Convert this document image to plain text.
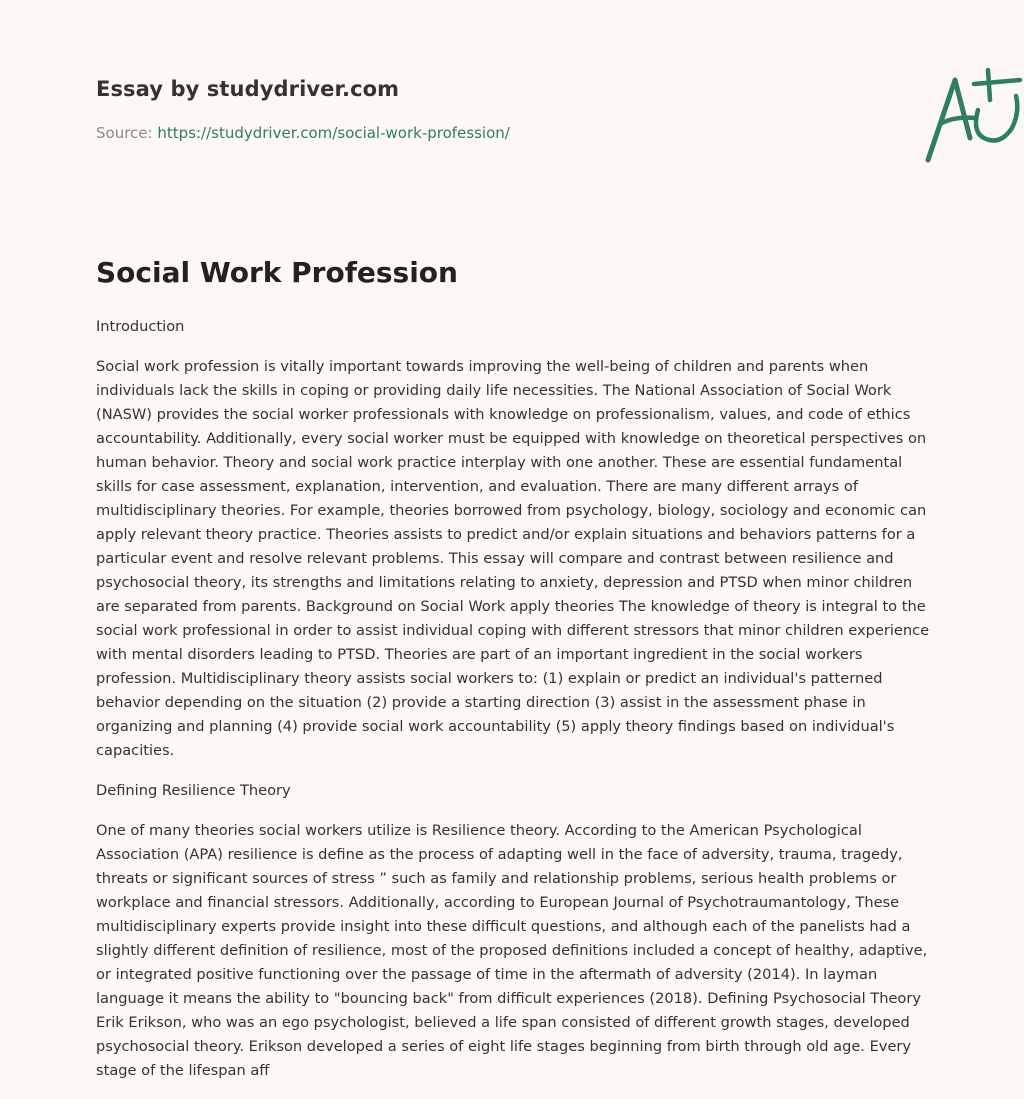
Essay by studydriver.com
Source: https://studydriver.com/social-work-profession/
Social Work Profession

Introduction

Social work profession is vitally important towards improving the well-being of children and parents when individuals lack the skills in coping or providing daily life necessities. The National Association of Social Work (NASW) provides the social worker professionals with knowledge on professionalism, values, and code of ethics accountability. Additionally, every social worker must be equipped with knowledge on theoretical perspectives on human behavior. Theory and social work practice interplay with one another. These are essential fundamental skills for case assessment, explanation, intervention, and evaluation. There are many different arrays of multidisciplinary theories. For example, theories borrowed from psychology, biology, sociology and economic can apply relevant theory practice. Theories assists to predict and/or explain situations and behaviors patterns for a particular event and resolve relevant problems. This essay will compare and contrast between resilience and psychosocial theory, its strengths and limitations relating to anxiety, depression and PTSD when minor children are separated from parents. Background on Social Work apply theories The knowledge of theory is integral to the social work professional in order to assist individual coping with different stressors that minor children experience with mental disorders leading to PTSD. Theories are part of an important ingredient in the social workers profession. Multidisciplinary theory assists social workers to: (1) explain or predict an individual's patterned behavior depending on the situation (2) provide a starting direction (3) assist in the assessment phase in organizing and planning (4) provide social work accountability (5) apply theory findings based on individual's capacities.

Defining Resilience Theory

One of many theories social workers utilize is Resilience theory. According to the American Psychological Association (APA) resilience is define as the process of adapting well in the face of adversity, trauma, tragedy, threats or significant sources of stress ” such as family and relationship problems, serious health problems or workplace and financial stressors. Additionally, according to European Journal of Psychotraumantology, These multidisciplinary experts provide insight into these difficult questions, and although each of the panelists had a slightly different definition of resilience, most of the proposed definitions included a concept of healthy, adaptive, or integrated positive functioning over the passage of time in the aftermath of adversity (2014). In layman language it means the ability to "bouncing back" from difficult experiences (2018). Defining Psychosocial Theory Erik Erikson, who was an ego psychologist, believed a life span consisted of different growth stages, developed psychosocial theory. Erikson developed a series of eight life stages beginning from birth through old age. Every stage of the lifespan aff
